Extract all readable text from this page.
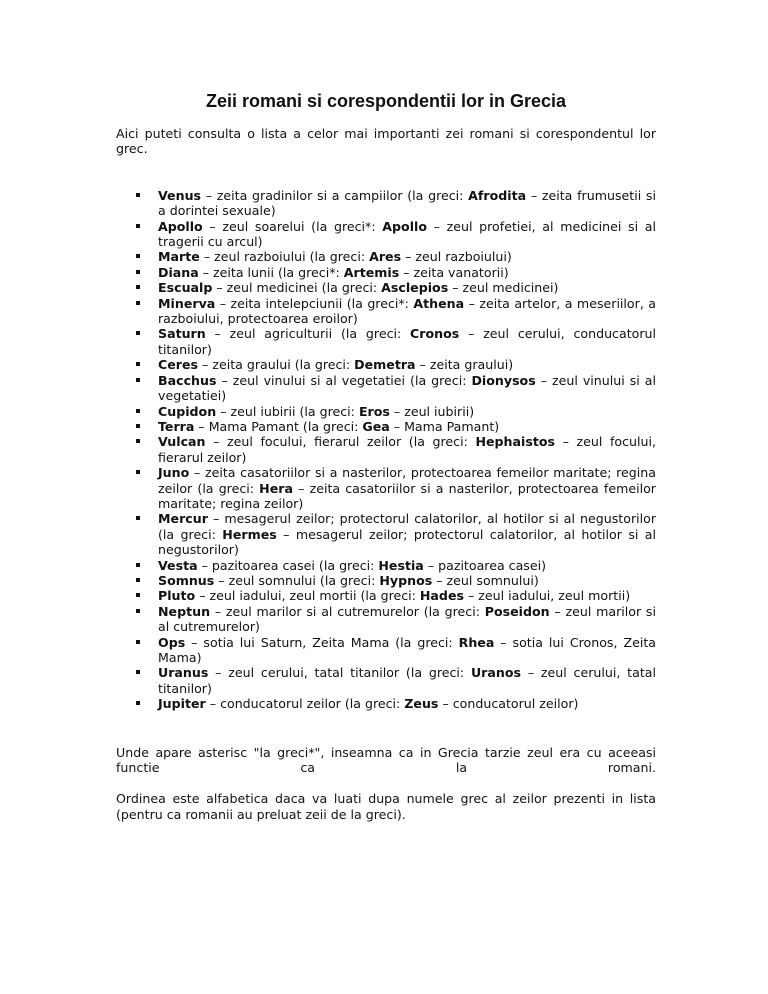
Zeii romani si corespondentii lor in Grecia

Aici puteti consulta o lista a celor mai importanti zei romani si corespondentul lor grec.

Venus – zeita gradinilor si a campiilor (la greci: Afrodita – zeita frumusetii si a dorintei sexuale)
Apollo – zeul soarelui (la greci*: Apollo – zeul profetiei, al medicinei si al tragerii cu arcul)
Marte – zeul razboiului (la greci: Ares – zeul razboiului)
Diana – zeita lunii (la greci*: Artemis – zeita vanatorii)
Escualp – zeul medicinei (la greci: Asclepios – zeul medicinei)
Minerva – zeita intelepciunii (la greci*: Athena – zeita artelor, a meseriilor, a razboiului, protectoarea eroilor)
Saturn – zeul agriculturii (la greci: Cronos – zeul cerului, conducatorul titanilor)
Ceres – zeita graului (la greci: Demetra – zeita graului)
Bacchus – zeul vinului si al vegetatiei (la greci: Dionysos – zeul vinului si al vegetatiei)
Cupidon – zeul iubirii (la greci: Eros – zeul iubirii)
Terra – Mama Pamant (la greci: Gea – Mama Pamant)
Vulcan – zeul focului, fierarul zeilor (la greci: Hephaistos – zeul focului, fierarul zeilor)
Juno – zeita casatoriilor si a nasterilor, protectoarea femeilor maritate; regina zeilor (la greci: Hera – zeita casatoriilor si a nasterilor, protectoarea femeilor maritate; regina zeilor)
Mercur – mesagerul zeilor; protectorul calatorilor, al hotilor si al negustorilor (la greci: Hermes – mesagerul zeilor; protectorul calatorilor, al hotilor si al negustorilor)
Vesta – pazitoarea casei (la greci: Hestia – pazitoarea casei)
Somnus – zeul somnului (la greci: Hypnos – zeul somnului)
Pluto – zeul iadului, zeul mortii (la greci: Hades – zeul iadului, zeul mortii)
Neptun – zeul marilor si al cutremurelor (la greci: Poseidon – zeul marilor si al cutremurelor)
Ops – sotia lui Saturn, Zeita Mama (la greci: Rhea – sotia lui Cronos, Zeita Mama)
Uranus – zeul cerului, tatal titanilor (la greci: Uranos – zeul cerului, tatal titanilor)
Jupiter – conducatorul zeilor (la greci: Zeus – conducatorul zeilor)

Unde apare asterisc "la greci*", inseamna ca in Grecia tarzie zeul era cu aceeasi

functie ca la romani.

Ordinea este alfabetica daca va luati dupa numele grec al zeilor prezenti in lista (pentru ca romanii au preluat zeii de la greci).
